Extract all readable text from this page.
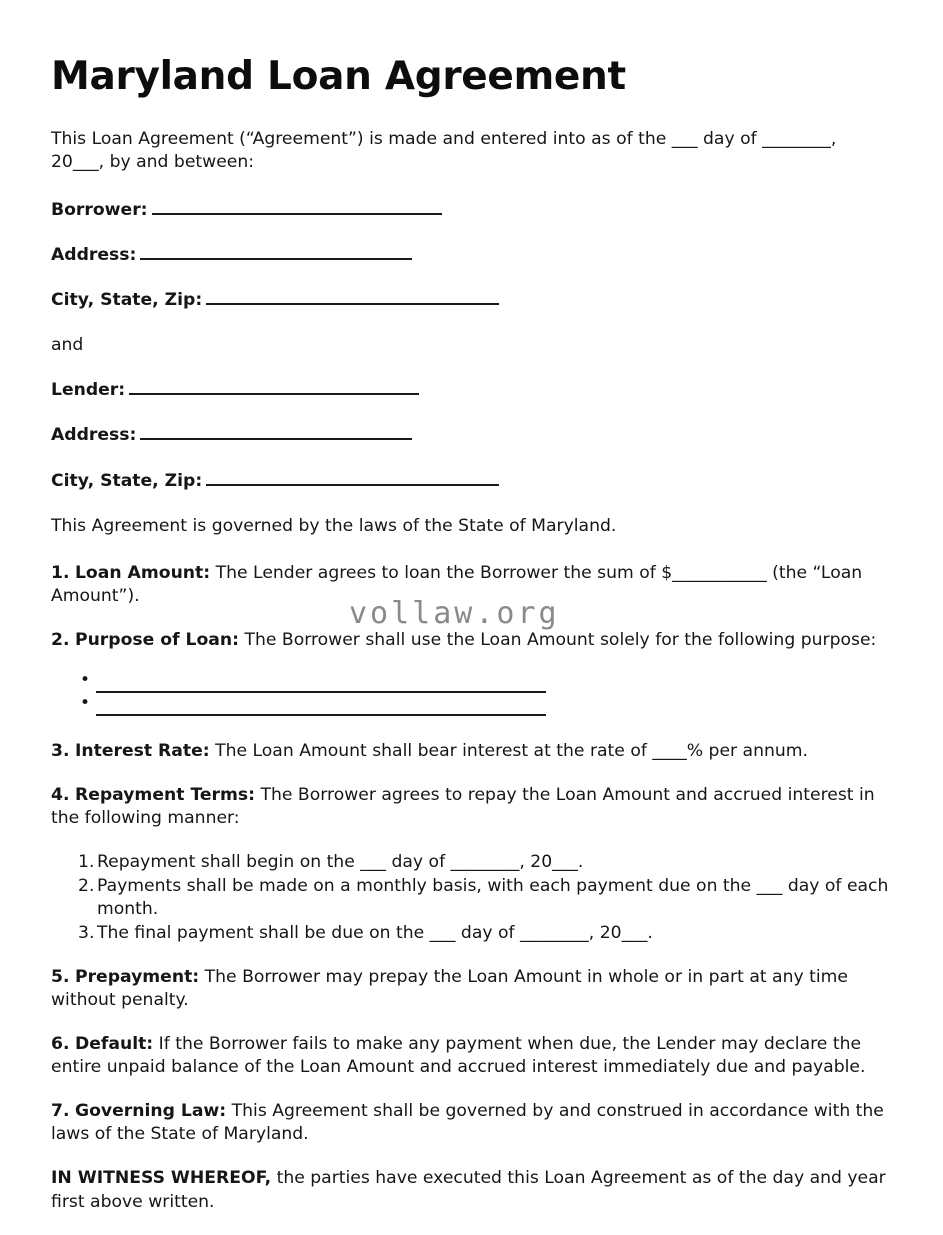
vollaw.org
Maryland Loan Agreement

This Loan Agreement (“Agreement”) is made and entered into as of the ___ day of ________, 20___, by and between:

Borrower:
Address:
City, State, Zip:
and
Lender:
Address:
City, State, Zip:

This Agreement is governed by the laws of the State of Maryland.

1. Loan Amount: The Lender agrees to loan the Borrower the sum of $___________ (the “Loan Amount”).

2. Purpose of Loan: The Borrower shall use the Loan Amount solely for the following purpose:

•
•

3. Interest Rate: The Loan Amount shall bear interest at the rate of ____% per annum.

4. Repayment Terms: The Borrower agrees to repay the Loan Amount and accrued interest in the following manner:

Repayment shall begin on the ___ day of ________, 20___.
Payments shall be made on a monthly basis, with each payment due on the ___ day of each month.
The final payment shall be due on the ___ day of ________, 20___.

5. Prepayment: The Borrower may prepay the Loan Amount in whole or in part at any time without penalty.

6. Default: If the Borrower fails to make any payment when due, the Lender may declare the entire unpaid balance of the Loan Amount and accrued interest immediately due and payable.

7. Governing Law: This Agreement shall be governed by and construed in accordance with the laws of the State of Maryland.

IN WITNESS WHEREOF, the parties have executed this Loan Agreement as of the day and year first above written.
